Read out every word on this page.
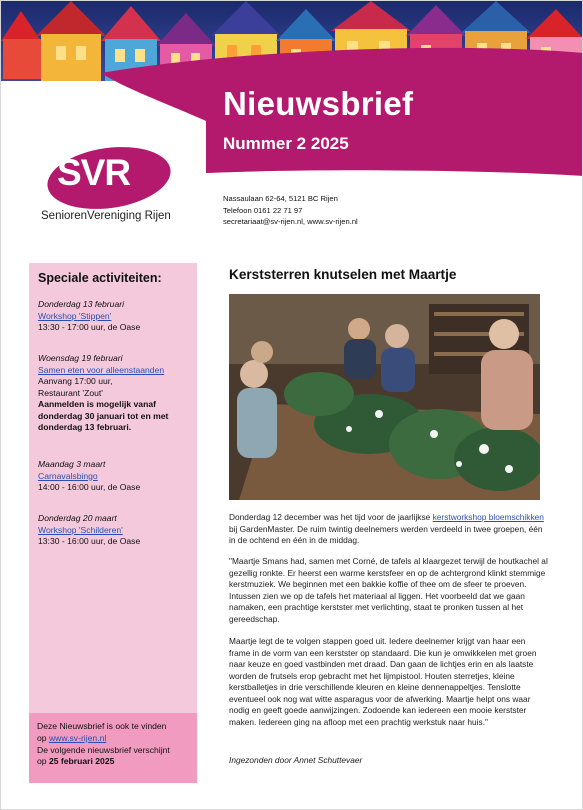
Nieuwsbrief
Nummer 2 2025
SVR
SeniorenVereniging Rijen
Nassaulaan 62-64, 5121 BC Rijen
Telefoon 0161 22 71 97
secretariaat@sv-rijen.nl, www.sv-rijen.nl
Speciale activiteiten:
Donderdag 13 februari
Workshop 'Stippen'
13:30 - 17:00 uur, de Oase
Woensdag 19 februari
Samen eten voor alleenstaanden
Aanvang 17:00 uur,
Restaurant 'Zout'
Aanmelden is mogelijk vanaf donderdag 30 januari tot en met donderdag 13 februari.
Maandag 3 maart
Carnavalsbingo
14:00 - 16:00 uur, de Oase
Donderdag 20 maart
Workshop 'Schilderen'
13:30 - 16:00 uur, de Oase
Deze Nieuwsbrief is ook te vinden
op www.sv-rijen.nl
De volgende nieuwsbrief verschijnt
op 25 februari 2025
Kerststerren knutselen met Maartje
Donderdag 12 december was het tijd voor de jaarlijkse kerstworkshop bloemschikken bij GardenMaster. De ruim twintig deelnemers werden verdeeld in twee groepen, één in de ochtend en één in de middag.
"Maartje Smans had, samen met Corné, de tafels al klaargezet terwijl de houtkachel al gezellig ronkte. Er heerst een warme kerstsfeer en op de achtergrond klinkt stemmige kerstmuziek. We beginnen met een bakkie koffie of thee om de sfeer te proeven. Intussen zien we op de tafels het materiaal al liggen. Het voorbeeld dat we gaan namaken, een prachtige kerstster met verlichting, staat te pronken tussen al het gereedschap.
Maartje legt de te volgen stappen goed uit. Iedere deelnemer krijgt van haar een frame in de vorm van een kerstster op standaard. Die kun je omwikkelen met groen naar keuze en goed vastbinden met draad. Dan gaan de lichtjes erin en als laatste worden de frutsels erop gebracht met het lijmpistool. Houten sterretjes, kleine kerstballetjes in drie verschillende kleuren en kleine dennenappeltjes. Tenslotte eventueel ook nog wat witte asparagus voor de afwerking. Maartje helpt ons waar nodig en geeft goede aanwijzingen. Zodoende kan iedereen een mooie kerstster maken. Iedereen ging na afloop met een prachtig werkstuk naar huis."
Ingezonden door Annet Schuttevaer
